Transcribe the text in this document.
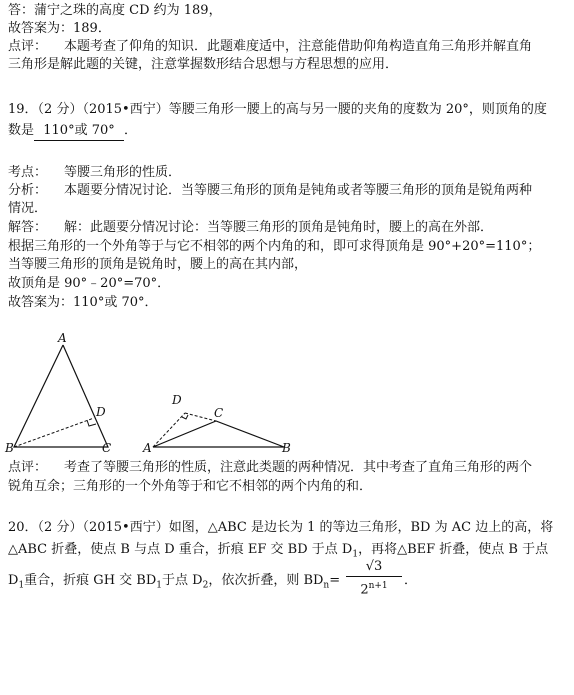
答：蒲宁之珠的高度 CD 约为 189，
故答案为：189．
点评： 本题考查了仰角的知识．此题难度适中，注意能借助仰角构造直角三角形并解直角
三角形是解此题的关键，注意掌握数形结合思想与方程思想的应用．
19．（2 分）（2015•西宁）等腰三角形一腰上的高与另一腰的夹角的度数为 20°，则顶角的度
数是 110°或 70° ．
考点： 等腰三角形的性质．
分析： 本题要分情况讨论．当等腰三角形的顶角是钝角或者等腰三角形的顶角是锐角两种
情况．
解答： 解：此题要分情况讨论：当等腰三角形的顶角是钝角时，腰上的高在外部．
根据三角形的一个外角等于与它不相邻的两个内角的和，即可求得顶角是 90°+20°=110°；
当等腰三角形的顶角是锐角时，腰上的高在其内部，
故顶角是 90°﹣20°=70°．
故答案为：110°或 70°．
A
B	C
D
A	B
C
D
点评： 考查了等腰三角形的性质，注意此类题的两种情况．其中考查了直角三角形的两个
锐角互余；三角形的一个外角等于和它不相邻的两个内角的和．
20．（2 分）（2015•西宁）如图，△ABC 是边长为 1 的等边三角形，BD 为 AC 边上的高，将
△ABC 折叠，使点 B 与点 D 重合，折痕 EF 交 BD 于点 $D_1$，再将△BEF 折叠，使点 B 于点
$D_1$重合，折痕 GH 交 $BD_1$于点 $D_2$，依次折叠，则 $BD_n=$
√3
$2^{n+1}$	．
